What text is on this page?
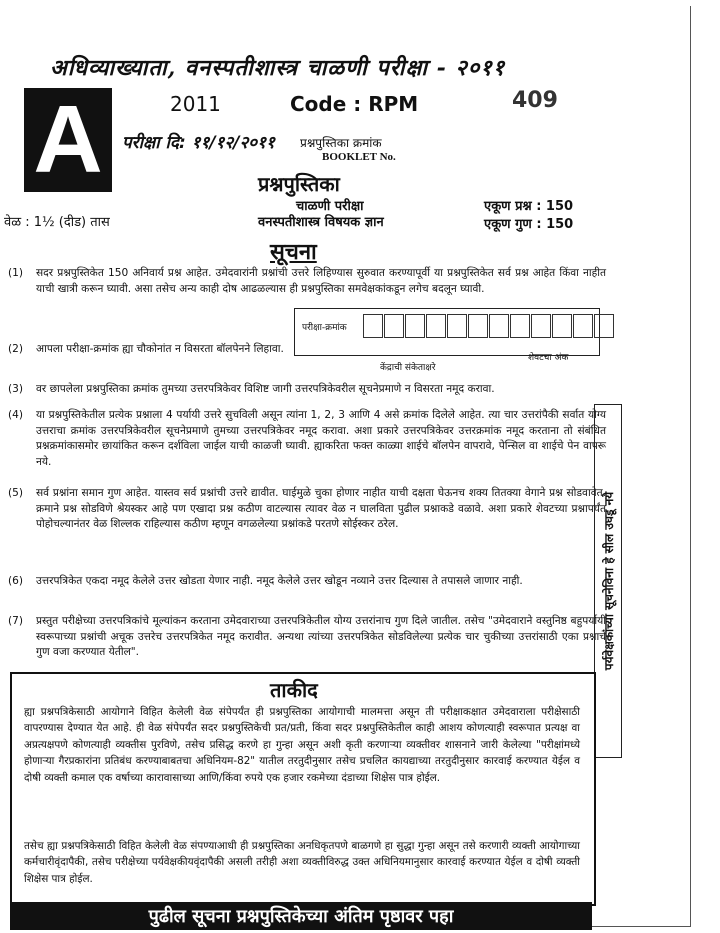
अधिव्याख्याता, वनस्पतीशास्त्र चाळणी परीक्षा - २०११
A	2011	Code : RPM	409
परीक्षा दि: ११/१२/२०११ प्रश्नपुस्तिका क्रमांक
BOOKLET No.
प्रश्नपुस्तिका
चाळणी परीक्षा
वनस्पतीशास्त्र विषयक ज्ञान
वेळ : 1½ (दीड) तास
एकूण प्रश्न : 150
एकूण गुण : 150
सूचना
(1) सदर प्रश्नपुस्तिकेत 150 अनिवार्य प्रश्न आहेत. उमेदवारांनी प्रश्नांची उत्तरे लिहिण्यास सुरुवात करण्यापूर्वी या प्रश्नपुस्तिकेत सर्व प्रश्न आहेत किंवा नाहीत याची खात्री करून घ्यावी. असा तसेच अन्य काही दोष आढळल्यास ही प्रश्नपुस्तिका समवेक्षकांकडून लगेच बदलून घ्यावी.
(2) आपला परीक्षा-क्रमांक ह्या चौकोनांत न विसरता बॉलपेनने लिहावा.
परीक्षा-क्रमांक
केंद्राची संकेताक्षरे
शेवटचा अंक
(3) वर छापलेला प्रश्नपुस्तिका क्रमांक तुमच्या उत्तरपत्रिकेवर विशिष्ट जागी उत्तरपत्रिकेवरील सूचनेप्रमाणे न विसरता नमूद करावा.
(4) या प्रश्नपुस्तिकेतील प्रत्येक प्रश्नाला 4 पर्यायी उत्तरे सुचविली असून त्यांना 1, 2, 3 आणि 4 असे क्रमांक दिलेले आहेत. त्या चार उत्तरांपैकी सर्वात योग्य उत्तराचा क्रमांक उत्तरपत्रिकेवरील सूचनेप्रमाणे तुमच्या उत्तरपत्रिकेवर नमूद करावा. अशा प्रकारे उत्तरपत्रिकेवर उत्तरक्रमांक नमूद करताना तो संबंधित प्रश्नक्रमांकासमोर छायांकित करून दर्शविला जाईल याची काळजी घ्यावी. ह्याकरिता फक्त काळ्या शाईचे बॉलपेन वापरावे, पेन्सिल वा शाईचे पेन वापरू नये.
(5) सर्व प्रश्नांना समान गुण आहेत. यास्तव सर्व प्रश्नांची उत्तरे द्यावीत. घाईमुळे चुका होणार नाहीत याची दक्षता घेऊनच शक्य तितक्या वेगाने प्रश्न सोडवावेत. क्रमाने प्रश्न सोडविणे श्रेयस्कर आहे पण एखादा प्रश्न कठीण वाटल्यास त्यावर वेळ न घालविता पुढील प्रश्नाकडे वळावे. अशा प्रकारे शेवटच्या प्रश्नापर्यंत पोहोचल्यानंतर वेळ शिल्लक राहिल्यास कठीण म्हणून वगळलेल्या प्रश्नांकडे परतणे सोईस्कर ठरेल.
(6) उत्तरपत्रिकेत एकदा नमूद केलेले उत्तर खोडता येणार नाही. नमूद केलेले उत्तर खोडून नव्याने उत्तर दिल्यास ते तपासले जाणार नाही.
(7) प्रस्तुत परीक्षेच्या उत्तरपत्रिकांचे मूल्यांकन करताना उमेदवाराच्या उत्तरपत्रिकेतील योग्य उत्तरांनाच गुण दिले जातील. तसेच "उमेदवाराने वस्तुनिष्ठ बहुपर्यायी स्वरूपाच्या प्रश्नांची अचूक उत्तरेच उत्तरपत्रिकेत नमूद करावीत. अन्यथा त्यांच्या उत्तरपत्रिकेत सोडविलेल्या प्रत्येक चार चुकीच्या उत्तरांसाठी एका प्रश्नाचे गुण वजा करण्यात येतील".	पर्यवेक्षकांच्या सूचनेविना हे सील उघडू नये
ताकीद
ह्या प्रश्नपत्रिकेसाठी आयोगाने विहित केलेली वेळ संपेपर्यंत ही प्रश्नपुस्तिका आयोगाची मालमत्ता असून ती परीक्षाकक्षात उमेदवाराला परीक्षेसाठी वापरण्यास देण्यात येत आहे. ही वेळ संपेपर्यंत सदर प्रश्नपुस्तिकेची प्रत/प्रती, किंवा सदर प्रश्नपुस्तिकेतील काही आशय कोणत्याही स्वरूपात प्रत्यक्ष वा अप्रत्यक्षपणे कोणत्याही व्यक्तीस पुरविणे, तसेच प्रसिद्ध करणे हा गुन्हा असून अशी कृती करणाऱ्या व्यक्तीवर शासनाने जारी केलेल्या "परीक्षांमध्ये होणाऱ्या गैरप्रकारांना प्रतिबंध करण्याबाबतचा अधिनियम-82" यातील तरतुदीनुसार तसेच प्रचलित कायद्याच्या तरतुदीनुसार कारवाई करण्यात येईल व दोषी व्यक्ती कमाल एक वर्षाच्या कारावासाच्या आणि/किंवा रुपये एक हजार रकमेच्या दंडाच्या शिक्षेस पात्र होईल.
तसेच ह्या प्रश्नपत्रिकेसाठी विहित केलेली वेळ संपण्याआधी ही प्रश्नपुस्तिका अनधिकृतपणे बाळगणे हा सुद्धा गुन्हा असून तसे करणारी व्यक्ती आयोगाच्या कर्मचारीवृंदापैकी, तसेच परीक्षेच्या पर्यवेक्षकीयवृंदापैकी असली तरीही अशा व्यक्तीविरुद्ध उक्त अधिनियमानुसार कारवाई करण्यात येईल व दोषी व्यक्ती शिक्षेस पात्र होईल.
पुढील सूचना प्रश्नपुस्तिकेच्या अंतिम पृष्ठावर पहा
